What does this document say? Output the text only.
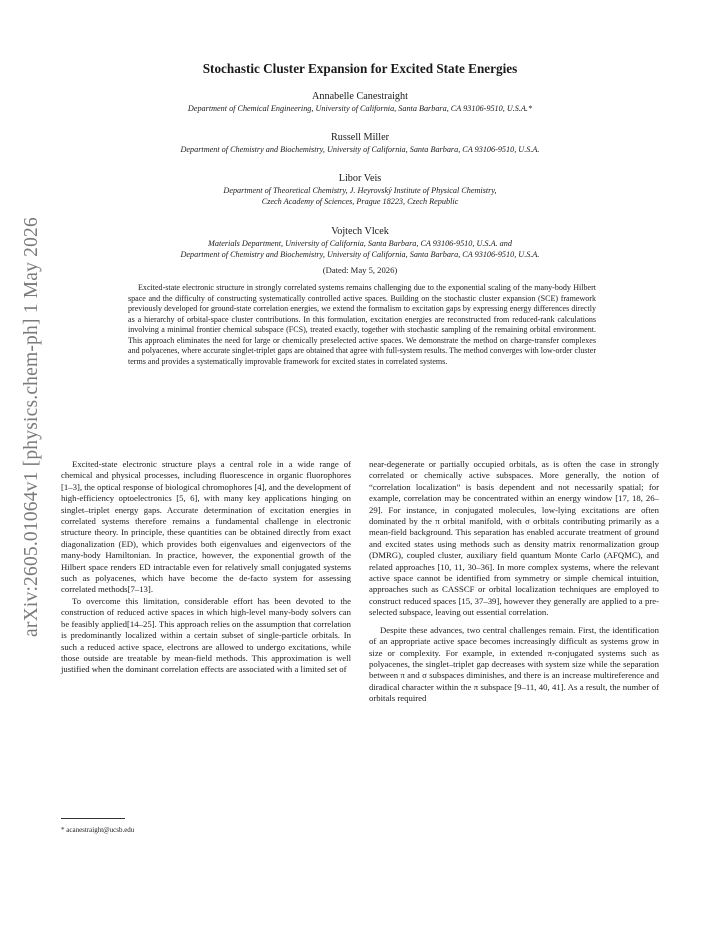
arXiv:2605.01064v1 [physics.chem-ph] 1 May 2026
Stochastic Cluster Expansion for Excited State Energies
Annabelle Canestraight
Department of Chemical Engineering, University of California, Santa Barbara, CA 93106-9510, U.S.A.*
Russell Miller
Department of Chemistry and Biochemistry, University of California, Santa Barbara, CA 93106-9510, U.S.A.
Libor Veis
Department of Theoretical Chemistry, J. Heyrovský Institute of Physical Chemistry,
Czech Academy of Sciences, Prague 18223, Czech Republic
Vojtech Vlcek
Materials Department, University of California, Santa Barbara, CA 93106-9510, U.S.A. and
Department of Chemistry and Biochemistry, University of California, Santa Barbara, CA 93106-9510, U.S.A.
(Dated: May 5, 2026)
Excited-state electronic structure in strongly correlated systems remains challenging due to the exponential scaling of the many-body Hilbert space and the difficulty of constructing systematically controlled active spaces. Building on the stochastic cluster expansion (SCE) framework previously developed for ground-state correlation energies, we extend the formalism to excitation gaps by expressing energy differences directly as a hierarchy of orbital-space cluster contributions. In this formulation, excitation energies are reconstructed from reduced-rank calculations involving a minimal frontier chemical subspace (FCS), treated exactly, together with stochastic sampling of the remaining orbital environment. This approach eliminates the need for large or chemically preselected active spaces. We demonstrate the method on charge-transfer complexes and polyacenes, where accurate singlet-triplet gaps are obtained that agree with full-system results. The method converges with low-order cluster terms and provides a systematically improvable framework for excited states in correlated systems.

Excited-state electronic structure plays a central role in a wide range of chemical and physical processes, including fluorescence in organic fluorophores [1–3], the optical response of biological chromophores [4], and the development of high-efficiency optoelectronics [5, 6], with many key applications hinging on singlet–triplet energy gaps. Accurate determination of excitation energies in correlated systems therefore remains a fundamental challenge in electronic structure theory. In principle, these quantities can be obtained directly from exact diagonalization (ED), which provides both eigenvalues and eigenvectors of the many-body Hamiltonian. In practice, however, the exponential growth of the Hilbert space renders ED intractable even for relatively small conjugated systems such as polyacenes, which have become the de-facto system for assessing correlated methods[7–13].

To overcome this limitation, considerable effort has been devoted to the construction of reduced active spaces in which high-level many-body solvers can be feasibly applied[14–25]. This approach relies on the assumption that correlation is predominantly localized within a certain subset of single-particle orbitals. In such a reduced active space, electrons are allowed to undergo excitations, while those outside are treatable by mean-field methods. This approximation is well justified when the dominant correlation effects are associated with a limited set of

near-degenerate or partially occupied orbitals, as is often the case in strongly correlated or chemically active subspaces. More generally, the notion of “correlation localization” is basis dependent and not necessarily spatial; for example, correlation may be concentrated within an energy window [17, 18, 26–29]. For instance, in conjugated molecules, low-lying excitations are often dominated by the π orbital manifold, with σ orbitals contributing primarily as a mean-field background. This separation has enabled accurate treatment of ground and excited states using methods such as density matrix renormalization group (DMRG), coupled cluster, auxiliary field quantum Monte Carlo (AFQMC), and related approaches [10, 11, 30–36]. In more complex systems, where the relevant active space cannot be identified from symmetry or simple chemical intuition, approaches such as CASSCF or orbital localization techniques are employed to construct reduced spaces [15, 37–39], however they generally are applied to a pre-selected subspace, leaving out essential correlation.

Despite these advances, two central challenges remain. First, the identification of an appropriate active space becomes increasingly difficult as systems grow in size or complexity. For example, in extended π-conjugated systems such as polyacenes, the singlet–triplet gap decreases with system size while the separation between π and σ subspaces diminishes, and there is an increase multireference and diradical character within the π subspace [9–11, 40, 41]. As a result, the number of orbitals required

* acanestraight@ucsb.edu
